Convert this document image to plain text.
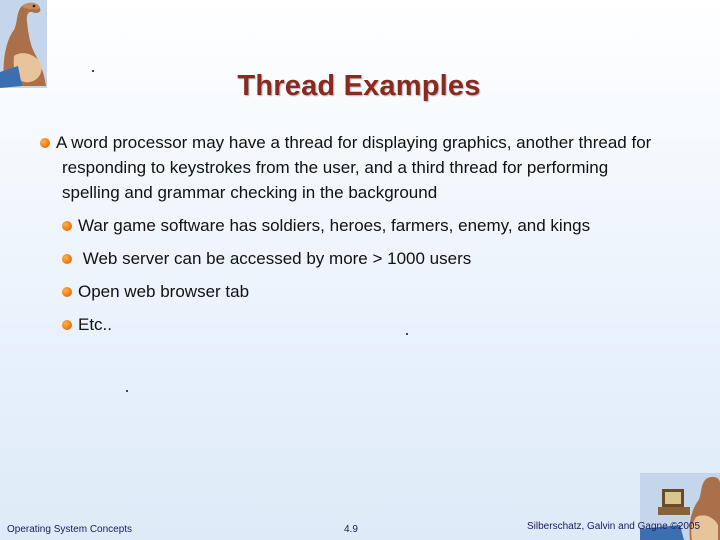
Thread Examples

A word processor may have a thread for displaying graphics, another thread for responding to keystrokes from the user, and a third thread for performing spelling and grammar checking in the background

War game software has soldiers, heroes, farmers, enemy, and kings

Web server can be accessed by more > 1000 users

Open web browser tab

Etc..

Operating System Concepts	4.9	Silberschatz, Galvin and Gagne ©2005
